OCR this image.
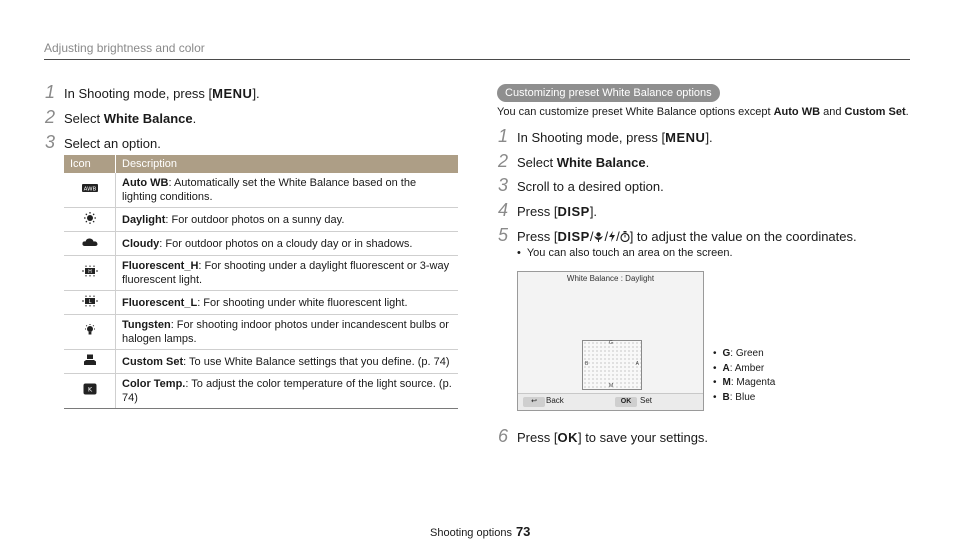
Adjusting brightness and color
1 In Shooting mode, press [MENU].
2 Select White Balance.
3 Select an option.
Icon	Description

AWB	Auto WB: Automatically set the White Balance based on the lighting conditions.

	Daylight: For outdoor photos on a sunny day.

	Cloudy: For outdoor photos on a cloudy day or in shadows.

H	Fluorescent_H: For shooting under a daylight fluorescent or 3-way fluorescent light.

L	Fluorescent_L: For shooting under white fluorescent light.

	Tungsten: For shooting indoor photos under incandescent bulbs or halogen lamps.

	Custom Set: To use White Balance settings that you define. (p. 74)

K	Color Temp.: To adjust the color temperature of the light source. (p. 74)
Customizing preset White Balance options
You can customize preset White Balance options except Auto WB and Custom Set.
1 In Shooting mode, press [MENU].
2 Select White Balance.
3 Scroll to a desired option.
4 Press [DISP].
5 Press [DISP/ / / ] to adjust the value on the coordinates.
• You can also touch an area on the screen.
White Balance : Daylight
G
B	A
M
↩	Back	OK	Set
• G: Green
• A: Amber
• M: Magenta
• B: Blue
6 Press [OK] to save your settings.
Shooting options 73
